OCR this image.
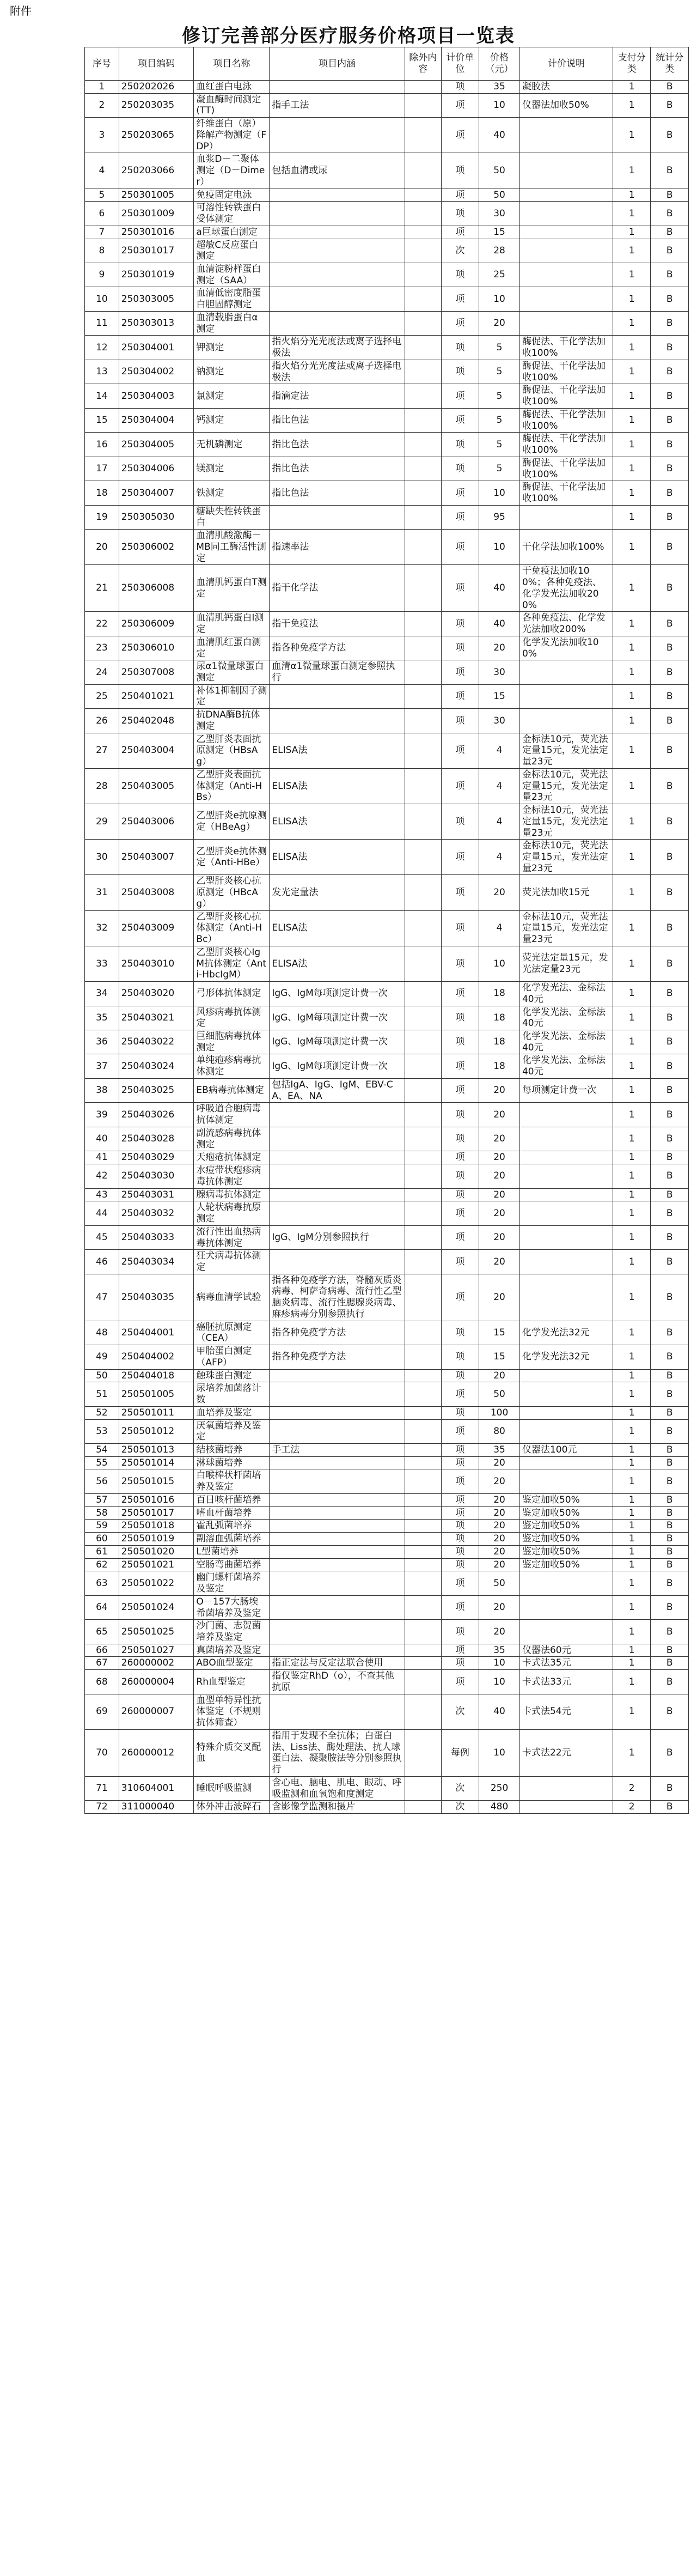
附件
修订完善部分医疗服务价格项目一览表
序号	项目编码	项目名称	项目内涵	除外内容	计价单位	价格（元）	计价说明	支付分类	统计分类
1	250202026	血红蛋白电泳			项	35	凝胶法	1	B
2	250203035	凝血酶时间测定(TT)	指手工法		项	10	仪器法加收50%	1	B
3	250203065	纤维蛋白（原）降解产物测定（FDP）			项	40		1	B
4	250203066	血浆D－二聚体测定（D－Dimer）	包括血清或尿		项	50		1	B
5	250301005	免疫固定电泳			项	50		1	B
6	250301009	可溶性转铁蛋白受体测定			项	30		1	B
7	250301016	a巨球蛋白测定			项	15		1	B
8	250301017	超敏C反应蛋白测定			次	28		1	B
9	250301019	血清淀粉样蛋白测定（SAA）			项	25		1	B
10	250303005	血清低密度脂蛋白胆固醇测定			项	10		1	B
11	250303013	血清载脂蛋白α测定			项	20		1	B
12	250304001	钾测定	指火焰分光光度法或离子选择电极法		项	5	酶促法、干化学法加收100%	1	B
13	250304002	钠测定	指火焰分光光度法或离子选择电极法		项	5	酶促法、干化学法加收100%	1	B
14	250304003	氯测定	指滴定法		项	5	酶促法、干化学法加收100%	1	B
15	250304004	钙测定	指比色法		项	5	酶促法、干化学法加收100%	1	B
16	250304005	无机磷测定	指比色法		项	5	酶促法、干化学法加收100%	1	B
17	250304006	镁测定	指比色法		项	5	酶促法、干化学法加收100%	1	B
18	250304007	铁测定	指比色法		项	10	酶促法、干化学法加收100%	1	B
19	250305030	糖缺失性转铁蛋白			项	95		1	B
20	250306002	血清肌酸激酶－MB同工酶活性测定	指速率法		项	10	干化学法加收100%	1	B
21	250306008	血清肌钙蛋白T测定	指干化学法		项	40	干免疫法加收100%；各种免疫法、化学发光法加收200%	1	B
22	250306009	血清肌钙蛋白Ⅰ测定	指干免疫法		项	40	各种免疫法、化学发光法加收200%	1	B
23	250306010	血清肌红蛋白测定	指各种免疫学方法		项	20	化学发光法加收100%	1	B
24	250307008	尿α1微量球蛋白测定	血清α1微量球蛋白测定参照执行		项	30		1	B
25	250401021	补体1抑制因子测定			项	15		1	B
26	250402048	抗DNA酶B抗体测定			项	30		1	B
27	250403004	乙型肝炎表面抗原测定（HBsAg）	ELISA法		项	4	金标法10元，荧光法定量15元，发光法定量23元	1	B
28	250403005	乙型肝炎表面抗体测定（Anti-HBs）	ELISA法		项	4	金标法10元，荧光法定量15元，发光法定量23元	1	B
29	250403006	乙型肝炎e抗原测定（HBeAg）	ELISA法		项	4	金标法10元，荧光法定量15元，发光法定量23元	1	B
30	250403007	乙型肝炎e抗体测定（Anti-HBe）	ELISA法		项	4	金标法10元，荧光法定量15元，发光法定量23元	1	B
31	250403008	乙型肝炎核心抗原测定（HBcAg）	发光定量法		项	20	荧光法加收15元	1	B
32	250403009	乙型肝炎核心抗体测定（Anti-HBc）	ELISA法		项	4	金标法10元，荧光法定量15元，发光法定量23元	1	B
33	250403010	乙型肝炎核心IgM抗体测定（Anti-HbcIgM）	ELISA法		项	10	荧光法定量15元，发光法定量23元	1	B
34	250403020	弓形体抗体测定	IgG、IgM每项测定计费一次		项	18	化学发光法、金标法40元	1	B
35	250403021	风疹病毒抗体测定	IgG、IgM每项测定计费一次		项	18	化学发光法、金标法40元	1	B
36	250403022	巨细胞病毒抗体测定	IgG、IgM每项测定计费一次		项	18	化学发光法、金标法40元	1	B
37	250403024	单纯疱疹病毒抗体测定	IgG、IgM每项测定计费一次		项	18	化学发光法、金标法40元	1	B
38	250403025	EB病毒抗体测定	包括IgA、IgG、IgM、EBV-CA、EA、NA		项	20	每项测定计费一次	1	B
39	250403026	呼吸道合胞病毒抗体测定			项	20		1	B
40	250403028	副流感病毒抗体测定			项	20		1	B
41	250403029	天疱疮抗体测定			项	20		1	B
42	250403030	水痘带状疱疹病毒抗体测定			项	20		1	B
43	250403031	腺病毒抗体测定			项	20		1	B
44	250403032	人轮状病毒抗原测定			项	20		1	B
45	250403033	流行性出血热病毒抗体测定	IgG、IgM分别参照执行		项	20		1	B
46	250403034	狂犬病毒抗体测定			项	20		1	B
47	250403035	病毒血清学试验	指各种免疫学方法，脊髓灰质炎病毒、柯萨奇病毒、流行性乙型脑炎病毒、流行性腮腺炎病毒、麻疹病毒分别参照执行		项	20		1	B
48	250404001	癌胚抗原测定（CEA）	指各种免疫学方法		项	15	化学发光法32元	1	B
49	250404002	甲胎蛋白测定（AFP）	指各种免疫学方法		项	15	化学发光法32元	1	B
50	250404018	触珠蛋白测定			项	20		1	B
51	250501005	尿培养加菌落计数			项	50		1	B
52	250501011	血培养及鉴定			项	100		1	B
53	250501012	厌氧菌培养及鉴定			项	80		1	B
54	250501013	结核菌培养	手工法		项	35	仪器法100元	1	B
55	250501014	淋球菌培养			项	20		1	B
56	250501015	白喉棒状杆菌培养及鉴定			项	20		1	B
57	250501016	百日咳杆菌培养			项	20	鉴定加收50%	1	B
58	250501017	嗜血杆菌培养			项	20	鉴定加收50%	1	B
59	250501018	霍乱弧菌培养			项	20	鉴定加收50%	1	B
60	250501019	副溶血弧菌培养			项	20	鉴定加收50%	1	B
61	250501020	L型菌培养			项	20	鉴定加收50%	1	B
62	250501021	空肠弯曲菌培养			项	20	鉴定加收50%	1	B
63	250501022	幽门螺杆菌培养及鉴定			项	50		1	B
64	250501024	O－157大肠埃希菌培养及鉴定			项	20		1	B
65	250501025	沙门菌、志贺菌培养及鉴定			项	20		1	B
66	250501027	真菌培养及鉴定			项	35	仪器法60元	1	B
67	260000002	ABO血型鉴定	指正定法与反定法联合使用		项	10	卡式法35元	1	B
68	260000004	Rh血型鉴定	指仅鉴定RhD（o），不查其他抗原		项	10	卡式法33元	1	B
69	260000007	血型单特异性抗体鉴定（不规则抗体筛查）			次	40	卡式法54元	1	B
70	260000012	特殊介质交叉配血	指用于发现不全抗体；白蛋白法、Liss法、酶处理法、抗人球蛋白法、凝聚胺法等分别参照执行		每例	10	卡式法22元	1	B
71	310604001	睡眠呼吸监测	含心电、脑电、肌电、眼动、呼吸监测和血氧饱和度测定		次	250		2	B
72	311000040	体外冲击波碎石	含影像学监测和摄片		次	480		2	B
